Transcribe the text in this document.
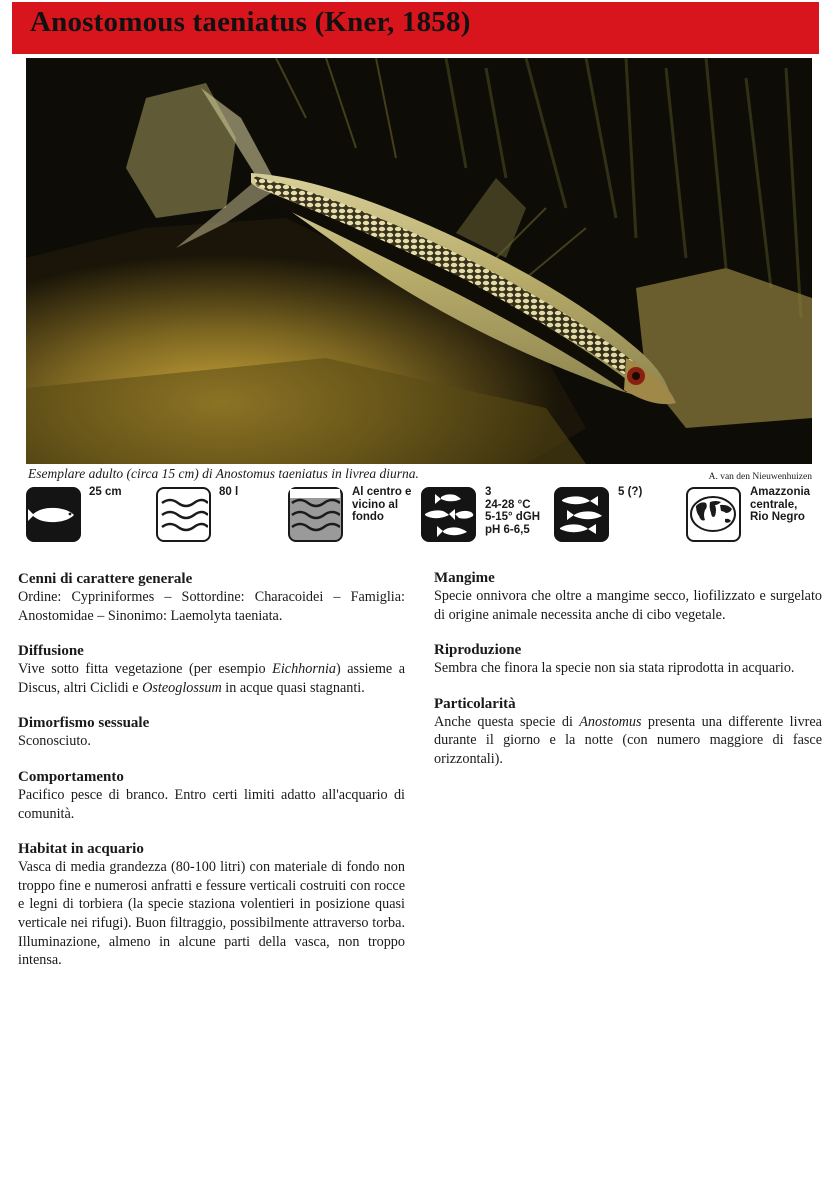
Anostomous taeniatus (Kner, 1858)
Esemplare adulto (circa 15 cm) di Anostomus taeniatus in livrea diurna.	A. van den Nieuwenhuizen
25 cm	80 l	Al centro e
vicino al
fondo
3
24-28 °C
5-15° dGH
pH 6-6,5
5 (?)	Amazzonia
centrale,
Rio Negro
Cenni di carattere generale

Ordine: Cypriniformes – Sottordine: Characoidei – Famiglia: Anostomidae – Sinonimo: Laemolyta taeniata.

Diffusione

Vive sotto fitta vegetazione (per esempio Eichhornia) assieme a Discus, altri Ciclidi e Osteoglossum in acque quasi stagnanti.

Dimorfismo sessuale

Sconosciuto.

Comportamento

Pacifico pesce di branco. Entro certi limiti adatto all'acquario di comunità.

Habitat in acquario

Vasca di media grandezza (80-100 litri) con materiale di fondo non troppo fine e numerosi anfratti e fessure verticali costruiti con rocce e legni di torbiera (la specie staziona volentieri in posizione quasi verticale nei rifugi). Buon filtraggio, possibilmente attraverso torba. Illuminazione, almeno in alcune parti della vasca, non troppo intensa.

Mangime

Specie onnivora che oltre a mangime secco, liofilizzato e surgelato di origine animale necessita anche di cibo vegetale.

Riproduzione

Sembra che finora la specie non sia stata riprodotta in acquario.

Particolarità

Anche questa specie di Anostomus presenta una differente livrea durante il giorno e la notte (con numero maggiore di fasce orizzontali).
